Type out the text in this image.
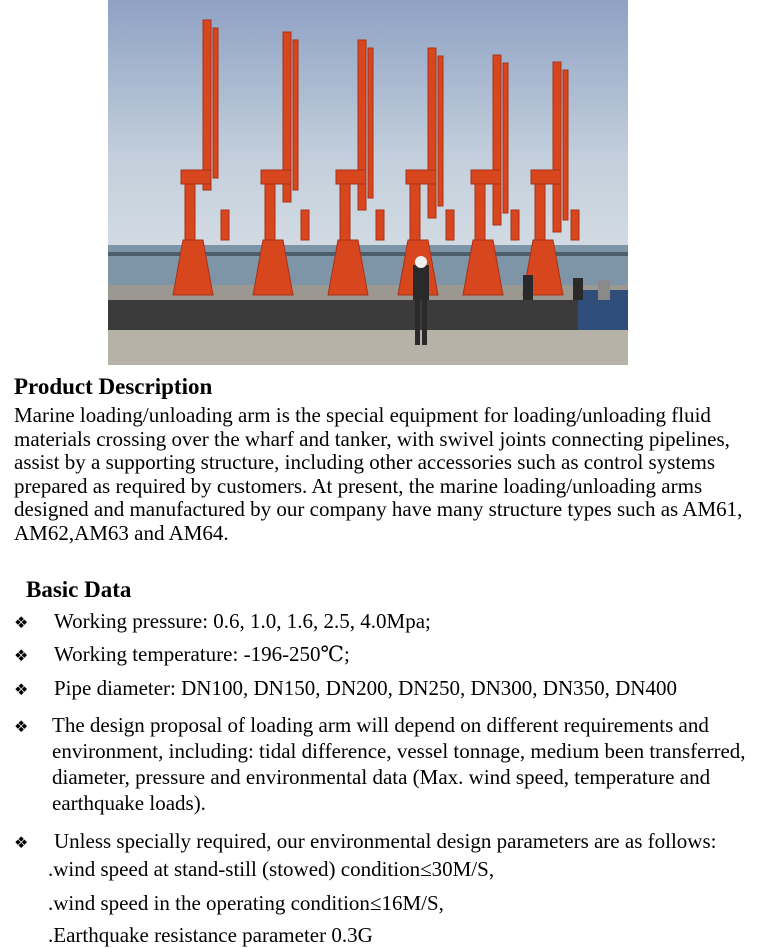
Product Description

Marine loading/unloading arm is the special equipment for loading/unloading fluid materials crossing over the wharf and tanker, with swivel joints connecting pipelines, assist by a supporting structure, including other accessories such as control systems prepared as required by customers. At present, the marine loading/unloading arms designed and manufactured by our company have many structure types such as AM61, AM62,AM63 and AM64.

Basic Data
❖ Working pressure: 0.6, 1.0, 1.6, 2.5, 4.0Mpa;
❖ Working temperature: -196-250℃;
❖ Pipe diameter: DN100, DN150, DN200, DN250, DN300, DN350, DN400
❖ The design proposal of loading arm will depend on different requirements and environment, including: tidal difference, vessel tonnage, medium been transferred, diameter, pressure and environmental data (Max. wind speed, temperature and earthquake loads).
❖ Unless specially required, our environmental design parameters are as follows:
.wind speed at stand-still (stowed) condition≤30M/S,
.wind speed in the operating condition≤16M/S,
.Earthquake resistance parameter 0.3G
